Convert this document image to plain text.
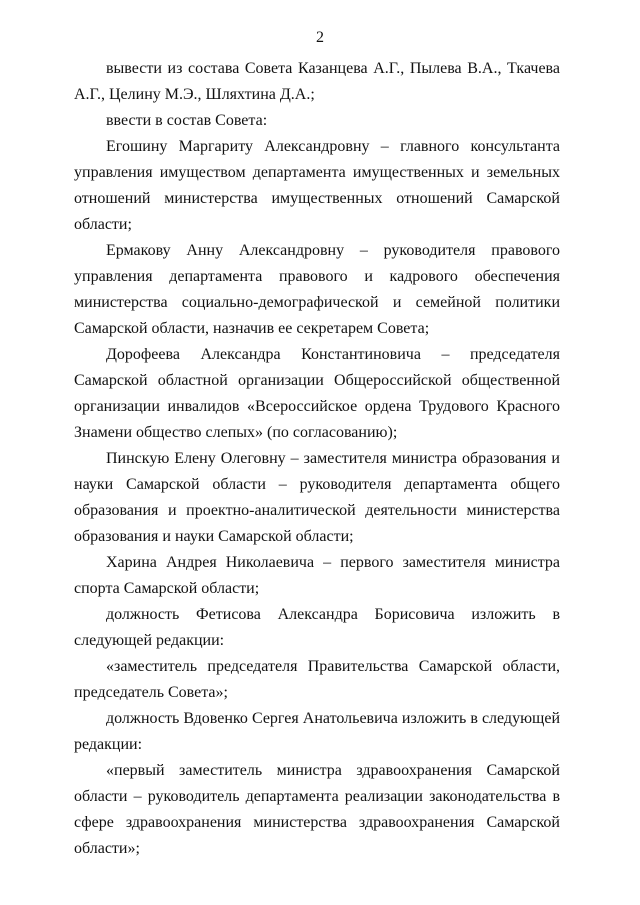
2

вывести из состава Совета Казанцева А.Г., Пылева В.А., Ткачева А.Г., Целину М.Э., Шляхтина Д.А.;

ввести в состав Совета:

Егошину Маргариту Александровну – главного консультанта управления имуществом департамента имущественных и земельных отношений министерства имущественных отношений Самарской области;

Ермакову Анну Александровну – руководителя правового управления департамента правового и кадрового обеспечения министерства социально-демографической и семейной политики Самарской области, назначив ее секретарем Совета;

Дорофеева Александра Константиновича – председателя Самарской областной организации Общероссийской общественной организации инвалидов «Всероссийское ордена Трудового Красного Знамени общество слепых» (по согласованию);

Пинскую Елену Олеговну – заместителя министра образования и науки Самарской области – руководителя департамента общего образования и проектно-аналитической деятельности министерства образования и науки Самарской области;

Харина Андрея Николаевича – первого заместителя министра спорта Самарской области;

должность Фетисова Александра Борисовича изложить в следующей редакции:

«заместитель председателя Правительства Самарской области, председатель Совета»;

должность Вдовенко Сергея Анатольевича изложить в следующей редакции:

«первый заместитель министра здравоохранения Самарской области – руководитель департамента реализации законодательства в сфере здравоохранения министерства здравоохранения Самарской области»;
